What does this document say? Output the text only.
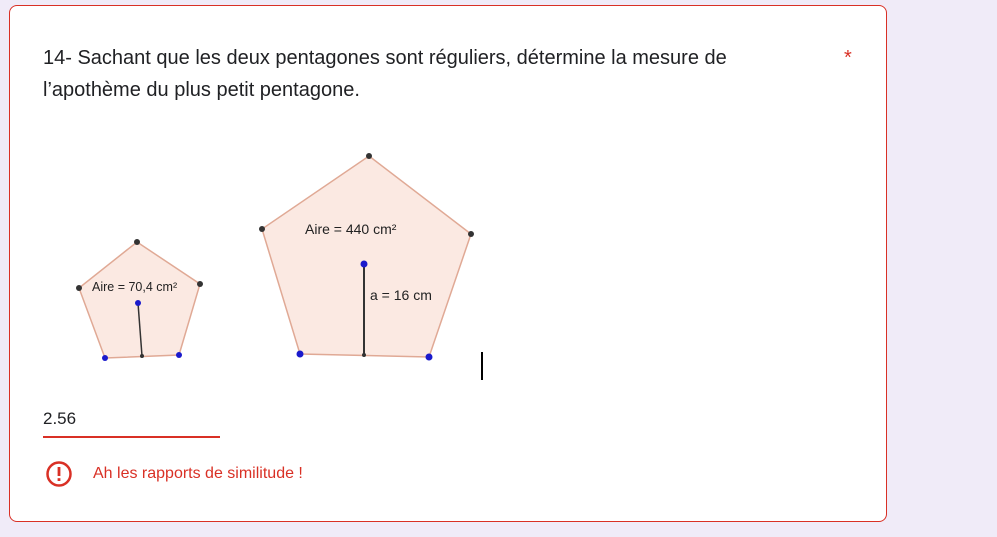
14- Sachant que les deux pentagones sont réguliers, détermine la mesure de l’apothème du plus petit pentagone.

*
Aire = 70,4 cm²
Aire = 440 cm²
a = 16 cm
2.56
Ah les rapports de similitude !
